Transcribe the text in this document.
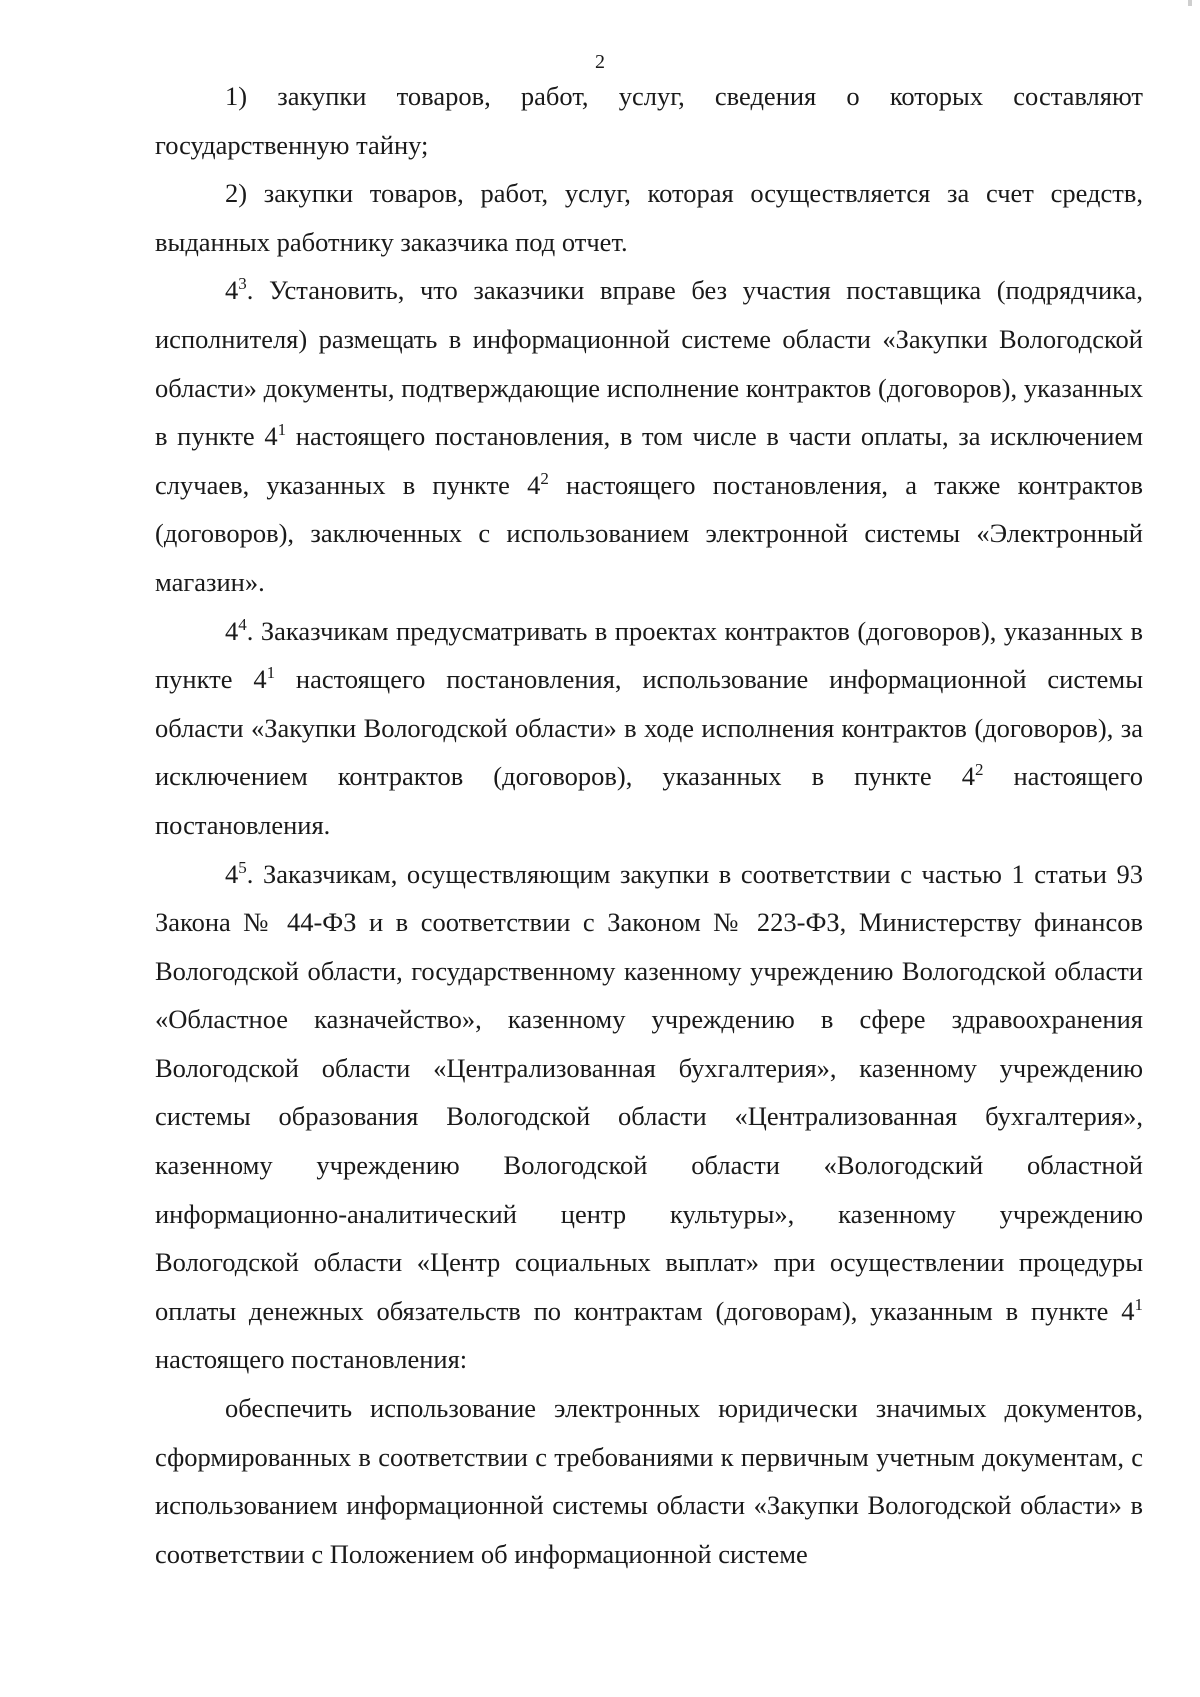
2

1) закупки товаров, работ, услуг, сведения о которых составляют государственную тайну;

2) закупки товаров, работ, услуг, которая осуществляется за счет средств, выданных работнику заказчика под отчет.

$4^3$. Установить, что заказчики вправе без участия поставщика (подрядчика, исполнителя) размещать в информационной системе области «Закупки Вологодской области» документы, подтверждающие исполнение контрактов (договоров), указанных в пункте $4^1$ настоящего постановления, в том числе в части оплаты, за исключением случаев, указанных в пункте $4^2$ настоящего постановления, а также контрактов (договоров), заключенных с использованием электронной системы «Электронный магазин».

$4^4$. Заказчикам предусматривать в проектах контрактов (договоров), указанных в пункте $4^1$ настоящего постановления, использование информационной системы области «Закупки Вологодской области» в ходе исполнения контрактов (договоров), за исключением контрактов (договоров), указанных в пункте $4^2$ настоящего постановления.

$4^5$. Заказчикам, осуществляющим закупки в соответствии с частью 1 статьи 93 Закона № 44-ФЗ и в соответствии с Законом № 223-ФЗ, Министерству финансов Вологодской области, государственному казенному учреждению Вологодской области «Областное казначейство», казенному учреждению в сфере здравоохранения Вологодской области «Централизованная бухгалтерия», казенному учреждению системы образования Вологодской области «Централизованная бухгалтерия», казенному учреждению Вологодской области «Вологодский областной информационно-аналитический центр культуры», казенному учреждению Вологодской области «Центр социальных выплат» при осуществлении процедуры оплаты денежных обязательств по контрактам (договорам), указанным в пункте $4^1$ настоящего постановления:

обеспечить использование электронных юридически значимых документов, сформированных в соответствии с требованиями к первичным учетным документам, с использованием информационной системы области «Закупки Вологодской области» в соответствии с Положением об информационной системе
